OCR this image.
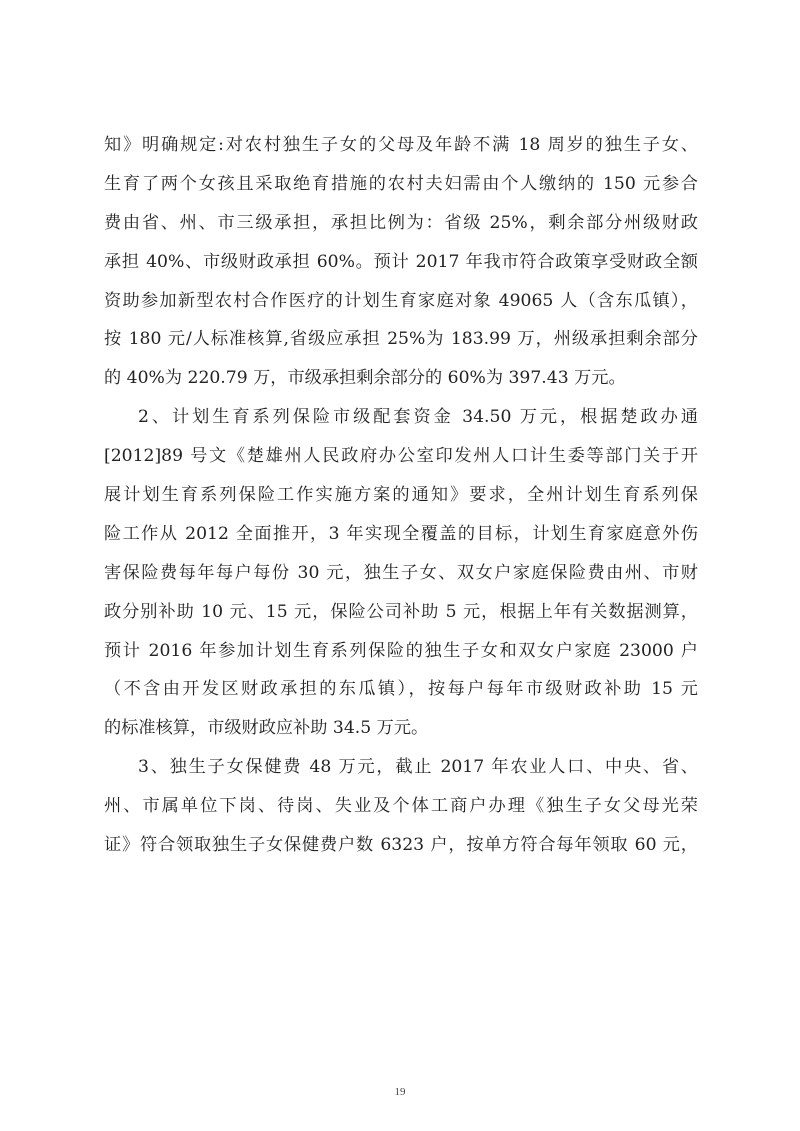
知》明确规定:对农村独生子女的父母及年龄不满 18 周岁的独生子女、
生育了两个女孩且采取绝育措施的农村夫妇需由个人缴纳的 150 元参合
费由省、州、市三级承担，承担比例为：省级 25%，剩余部分州级财政
承担 40%、市级财政承担 60%。预计 2017 年我市符合政策享受财政全额
资助参加新型农村合作医疗的计划生育家庭对象 49065 人（含东瓜镇），
按 180 元/人标准核算,省级应承担 25%为 183.99 万，州级承担剩余部分
的 40%为 220.79 万，市级承担剩余部分的 60%为 397.43 万元。
2、计划生育系列保险市级配套资金 34.50 万元，根据楚政办通
[2012]89 号文《楚雄州人民政府办公室印发州人口计生委等部门关于开
展计划生育系列保险工作实施方案的通知》要求，全州计划生育系列保
险工作从 2012 全面推开，3 年实现全覆盖的目标，计划生育家庭意外伤
害保险费每年每户每份 30 元，独生子女、双女户家庭保险费由州、市财
政分别补助 10 元、15 元，保险公司补助 5 元，根据上年有关数据测算，
预计 2016 年参加计划生育系列保险的独生子女和双女户家庭 23000 户
（不含由开发区财政承担的东瓜镇），按每户每年市级财政补助 15 元
的标准核算，市级财政应补助 34.5 万元。
3、独生子女保健费 48 万元，截止 2017 年农业人口、中央、省、
州、市属单位下岗、待岗、失业及个体工商户办理《独生子女父母光荣
证》符合领取独生子女保健费户数 6323 户，按单方符合每年领取 60 元，
19
